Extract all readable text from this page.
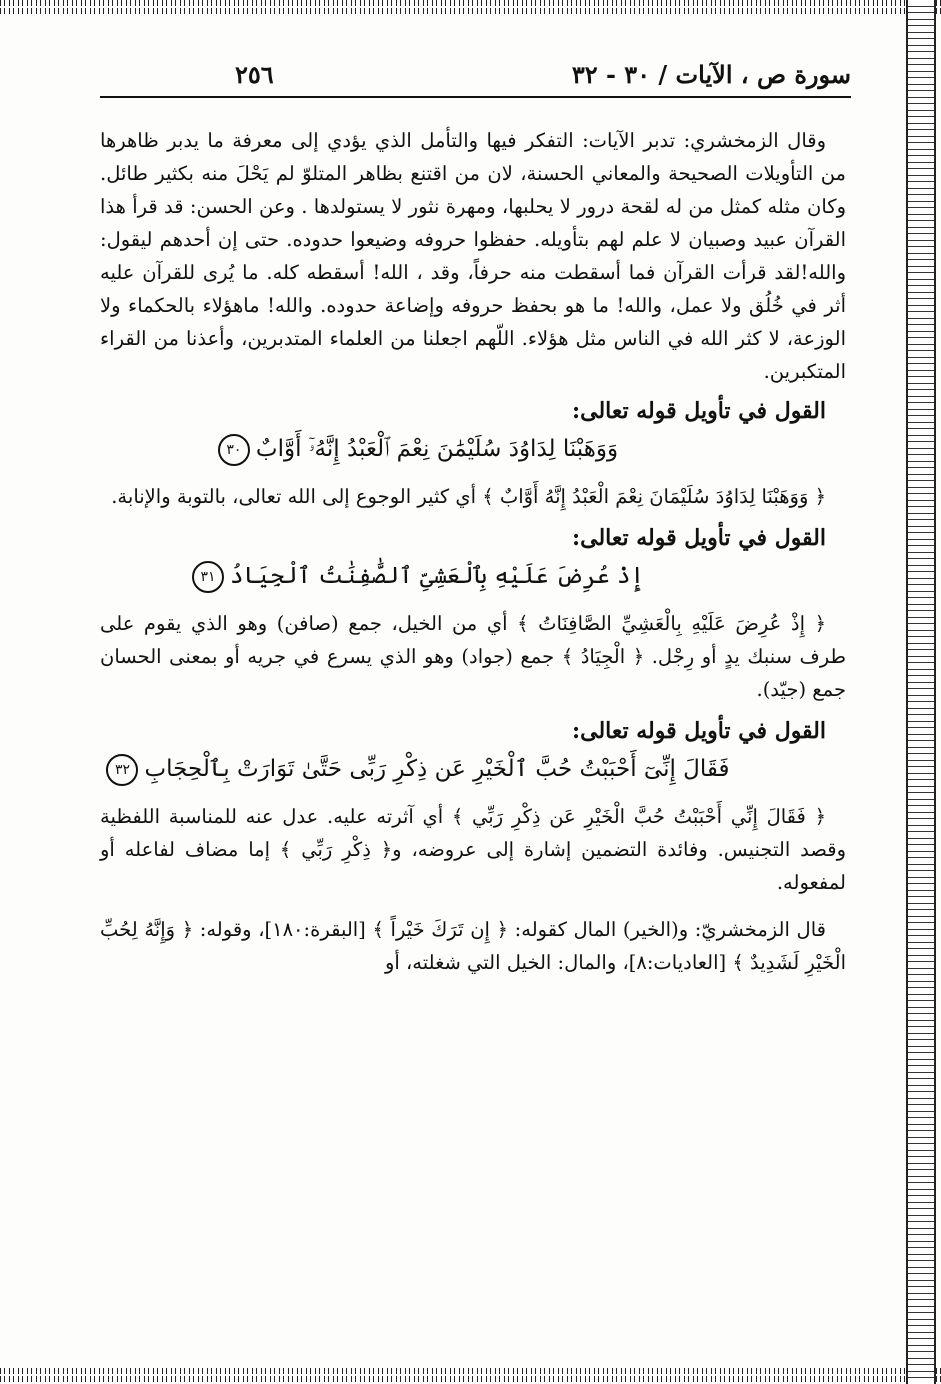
سورة ص ، الآيات / ٣٠ - ٣٢
٢٥٦

وقال الزمخشري: تدبر الآيات: التفكر فيها والتأمل الذي يؤدي إلى معرفة ما يدبر ظاهرها من التأويلات الصحيحة والمعاني الحسنة، لان من اقتنع بظاهر المتلوّ لم يَحْلَ منه بكثير طائل. وكان مثله كمثل من له لقحة درور لا يحلبها، ومهرة نثور لا يستولدها . وعن الحسن: قد قرأ هذا القرآن عبيد وصبيان لا علم لهم بتأويله. حفظوا حروفه وضيعوا حدوده. حتى إن أحدهم ليقول: والله!لقد قرأت القرآن فما أسقطت منه حرفاً، وقد ، الله! أسقطه كله. ما يُرى للقرآن عليه أثر في خُلُق ولا عمل، والله! ما هو بحفظ حروفه وإضاعة حدوده. والله! ماهؤلاء بالحكماء ولا الوزعة، لا كثر الله في الناس مثل هؤلاء. اللّهم اجعلنا من العلماء المتدبرين، وأعذنا من القراء المتكبرين.

القول في تأويل قوله تعالى:

وَوَهَبْنَا لِدَاوُدَ سُلَيْمَٰنَ نِعْمَ ٱلْعَبْدُ إِنَّهُۥٓ أَوَّابٌ٣٠

﴿ وَوَهَبْنَا لِدَاوُدَ سُلَيْمَانَ نِعْمَ الْعَبْدُ إِنَّهُ أَوَّابٌ ﴾ أي كثير الوجوع إلى الله تعالى، بالتوبة والإنابة.

القول في تأويل قوله تعالى:

إِذْ عُرِضَ عَلَيْهِ بِٱلْعَشِىِّ ٱلصَّٰفِنَٰتُ ٱلْجِيَادُ٣١

﴿ إِذْ عُرِضَ عَلَيْهِ بِالْعَشِيِّ الصَّافِنَاتُ ﴾ أي من الخيل، جمع (صافن) وهو الذي يقوم على طرف سنبك يدٍ أو رِجْل. ﴿ الْجِيَادُ ﴾ جمع (جواد) وهو الذي يسرع في جريه أو بمعنى الحسان جمع (جيّد).

القول في تأويل قوله تعالى:

فَقَالَ إِنِّىٓ أَحْبَبْتُ حُبَّ ٱلْخَيْرِ عَن ذِكْرِ رَبِّى حَتَّىٰ تَوَارَتْ بِٱلْحِجَابِ٣٢

﴿ فَقَالَ إِنِّي أَحْبَبْتُ حُبَّ الْخَيْرِ عَن ذِكْرِ رَبِّي ﴾ أي آثرته عليه. عدل عنه للمناسبة اللفظية وقصد التجنيس. وفائدة التضمين إشارة إلى عروضه، و﴿ ذِكْرِ رَبِّي ﴾ إما مضاف لفاعله أو لمفعوله.

قال الزمخشريّ: و(الخير) المال كقوله: ﴿ إِن تَرَكَ خَيْراً ﴾ [البقرة:١٨٠]، وقوله: ﴿ وَإِنَّهُ لِحُبِّ الْخَيْرِ لَشَدِيدٌ ﴾ [العاديات:٨]، والمال: الخيل التي شغلته، أو
